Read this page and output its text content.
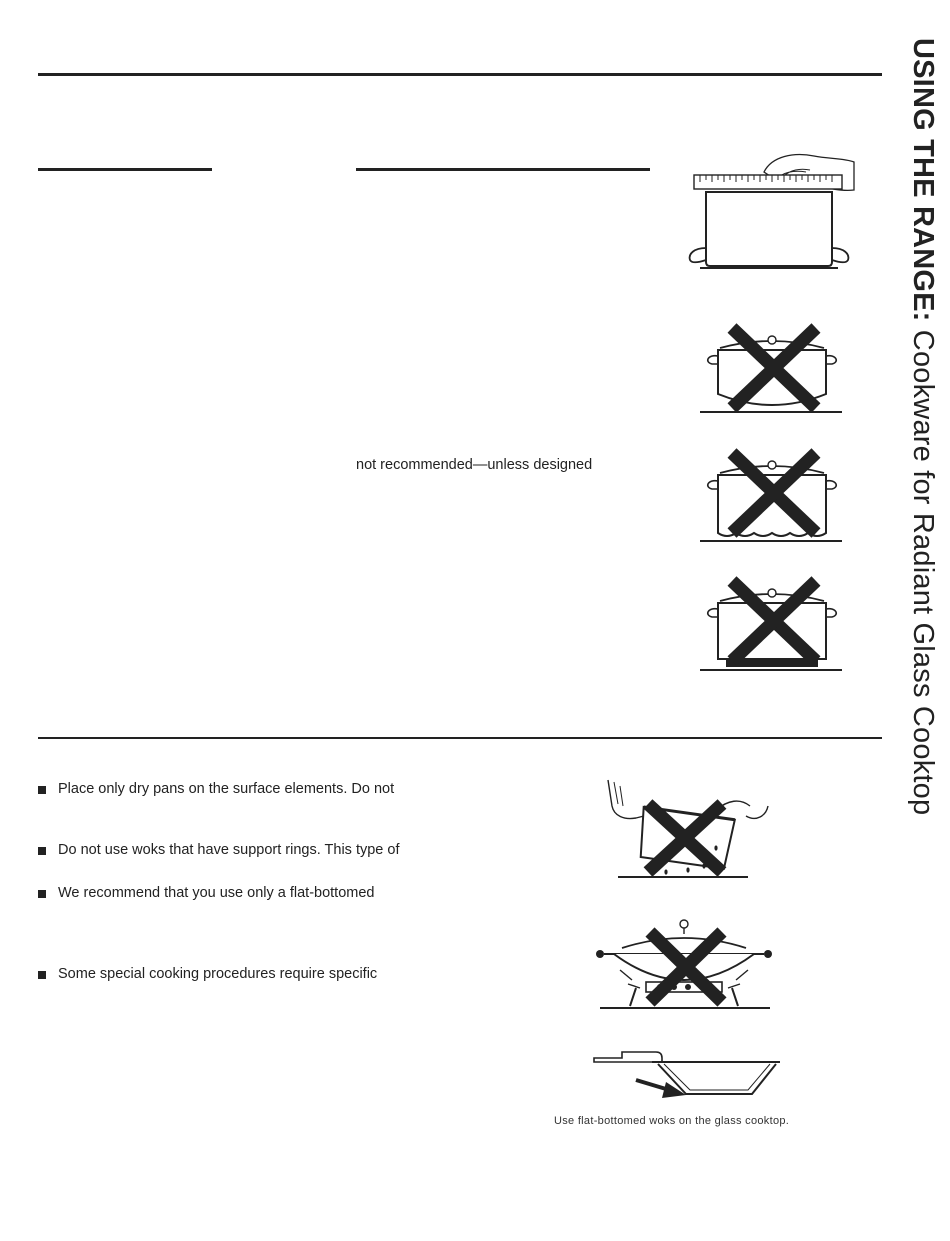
USING THE RANGE: Cookware for Radiant Glass Cooktop
not recommended—unless designed
Place only dry pans on the surface elements. Do not
Do not use woks that have support rings. This type of
We recommend that you use only a flat-bottomed
Some special cooking procedures require specific
Use flat-bottomed woks on the glass cooktop.
